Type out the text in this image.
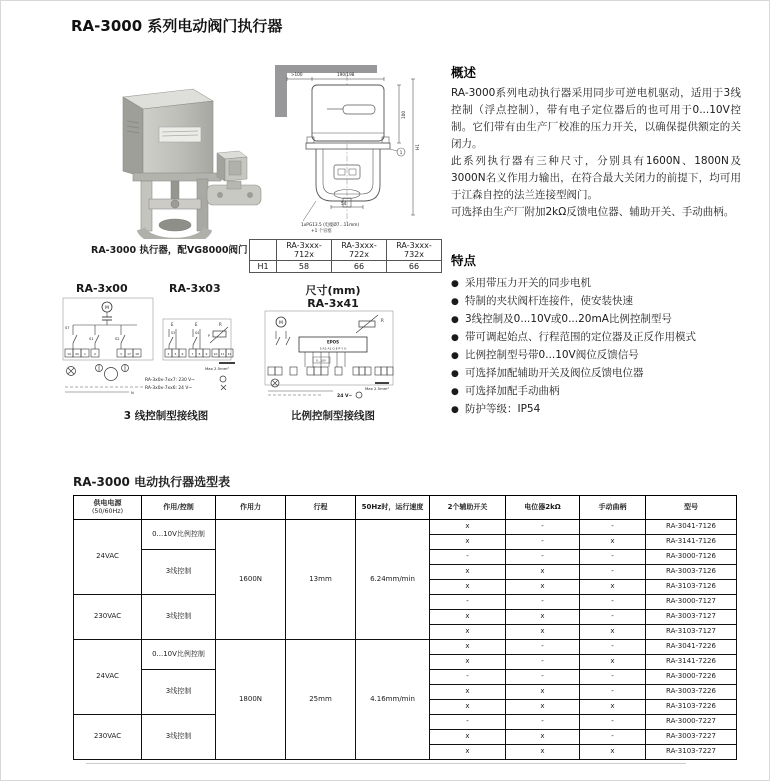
RA-3000 系列电动阀门执行器
RA-3000 执行器，配VG8000阀门
1
>100	190/198
100
H1
54
1xPG13.5 (电缆Ø7...11mm)
+1 个盲塞
	RA-3xxx-712x	RA-3xxx-722x	RA-3xxx-732x
H1	58	66	66
概述

RA-3000系列电动执行器采用同步可逆电机驱动，适用于3线控制（浮点控制），带有电子定位器后的也可用于0...10V控制。它们带有由生产厂校准的压力开关，以确保提供额定的关闭力。

此系列执行器有三种尺寸，分别具有1600N、1800N及3000N名义作用力输出，在符合最大关闭力的前提下，均可用于江森自控的法兰连接型阀门。

可选择由生产厂附加2kΩ反馈电位器、辅助开关、手动曲柄。

特点
● 采用带压力开关的同步电机
● 特制的夹状阀杆连接件，使安装快速
● 3线控制及0...10V或0...20mA比例控制型号
● 带可调起始点、行程范围的定位器及正反作用模式
● 比例控制型号带0...10V阀位反馈信号
● 可选择加配辅助开关及阀位反馈电位器
● 可选择加配手动曲柄
● 防护等级：IP54
RA-3x00	RA-3x03	尺寸(mm)
RA-3x41
M
S7
S1	S2
19 20 1	2	3 17 18
N
E	E	R
S3	S4
P
4 5 6	7 8 9 10 11 12
Max 2.5mm²
RA-3x0x-7xx7: 230 V~
RA-3x0x-7xx6: 24 V~
M
R
EPOS
S A2 A1 O E P Y U
0...10V
24 V~
Max 2.5mm²
3 线控制型接线图	比例控制型接线图
RA-3000 电动执行器选型表
供电电源
(50/60Hz)	作用/控制	作用力	行程	50Hz时，运行速度	2个辅助开关	电位器2kΩ	手动曲柄	型号
24VAC	0...10V比例控制	1600N	13mm	6.24mm/min	x	-	-	RA-3041-7126
					x	-	x	RA-3141-7126
	3线控制				-	-	-	RA-3000-7126
					x	x	-	RA-3003-7126
					x	x	x	RA-3103-7126
230VAC	3线控制				-	-	-	RA-3000-7127
					x	x	-	RA-3003-7127
					x	x	x	RA-3103-7127
24VAC	0...10V比例控制	1800N	25mm	4.16mm/min	x	-	-	RA-3041-7226
					x	-	x	RA-3141-7226
	3线控制				-	-	-	RA-3000-7226
					x	x	-	RA-3003-7226
					x	x	x	RA-3103-7226
230VAC	3线控制				-	-	-	RA-3000-7227
					x	x	-	RA-3003-7227
					x	x	x	RA-3103-7227
